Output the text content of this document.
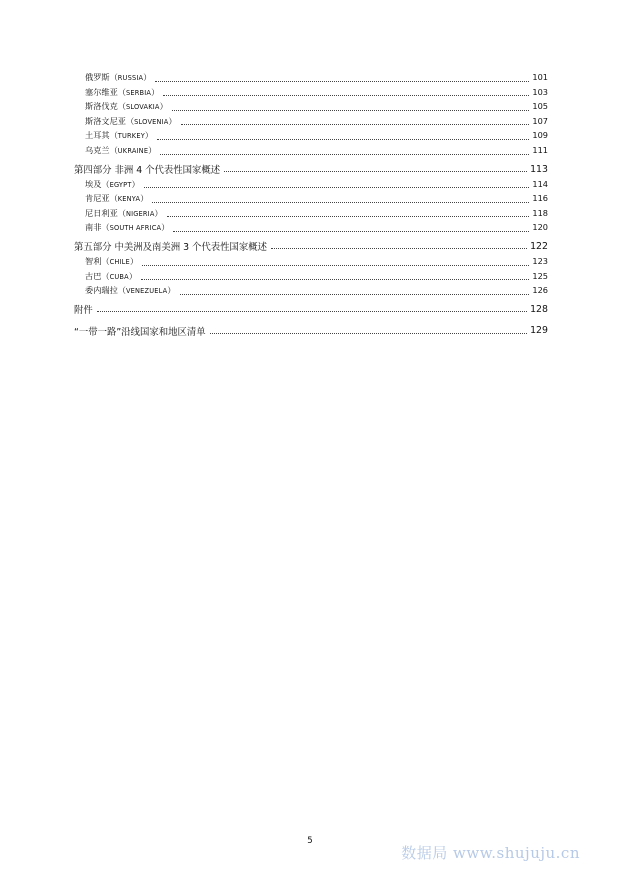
俄罗斯（RUSSIA）	101
塞尔维亚（SERBIA）	103
斯洛伐克（SLOVAKIA）	105
斯洛文尼亚（SLOVENIA）	107
土耳其（TURKEY）	109
乌克兰（UKRAINE）	111
第四部分 非洲 4 个代表性国家概述	113
埃及（EGYPT）	114
肯尼亚（KENYA）	116
尼日利亚（NIGERIA）	118
南非（SOUTH AFRICA）	120
第五部分 中美洲及南美洲 3 个代表性国家概述	122
智利（CHILE）	123
古巴（CUBA）	125
委内瑞拉（VENEZUELA）	126
附件	128
“一带一路”沿线国家和地区清单	129
5
数据局 www.shujuju.cn
